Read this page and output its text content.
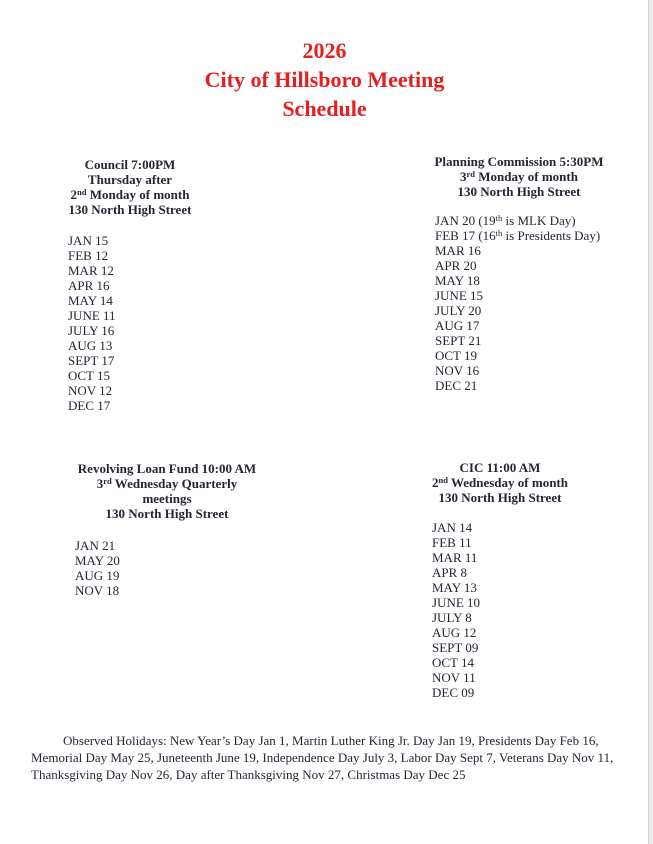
2026
City of Hillsboro Meeting
Schedule
Council 7:00PM
Thursday after
2nd Monday of month
130 North High Street
JAN 15
FEB 12
MAR 12
APR 16
MAY 14
JUNE 11
JULY 16
AUG 13
SEPT 17
OCT 15
NOV 12
DEC 17
Planning Commission 5:30PM
3rd Monday of month
130 North High Street
JAN 20 (19th is MLK Day)
FEB 17 (16th is Presidents Day)
MAR 16
APR 20
MAY 18
JUNE 15
JULY 20
AUG 17
SEPT 21
OCT 19
NOV 16
DEC 21
Revolving Loan Fund 10:00 AM
3rd Wednesday Quarterly
meetings
130 North High Street
JAN 21
MAY 20
AUG 19
NOV 18
CIC 11:00 AM
2nd Wednesday of month
130 North High Street
JAN 14
FEB 11
MAR 11
APR 8
MAY 13
JUNE 10
JULY 8
AUG 12
SEPT 09
OCT 14
NOV 11
DEC 09

Observed Holidays: New Year’s Day Jan 1, Martin Luther King Jr. Day Jan 19, Presidents Day Feb 16, Memorial Day May 25, Juneteenth June 19, Independence Day July 3, Labor Day Sept 7, Veterans Day Nov 11, Thanksgiving Day Nov 26, Day after Thanksgiving Nov 27, Christmas Day Dec 25
